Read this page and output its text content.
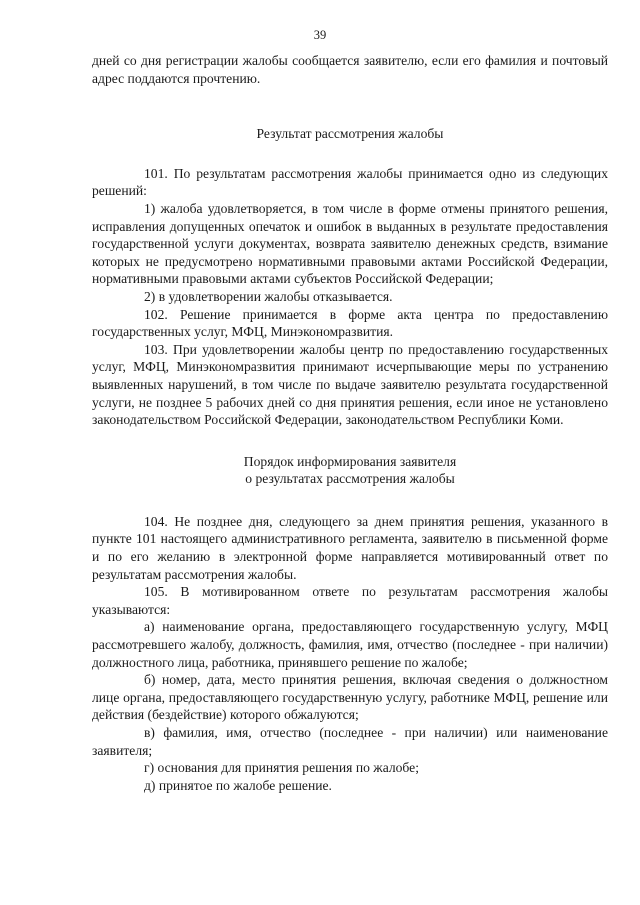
39

дней со дня регистрации жалобы сообщается заявителю, если его фамилия и почтовый адрес поддаются прочтению.

Результат рассмотрения жалобы

101. По результатам рассмотрения жалобы принимается одно из следующих решений:

1) жалоба удовлетворяется, в том числе в форме отмены принятого решения, исправления допущенных опечаток и ошибок в выданных в результате предоставления государственной услуги документах, возврата заявителю денежных средств, взимание которых не предусмотрено нормативными правовыми актами Российской Федерации, нормативными правовыми актами субъектов Российской Федерации;

2) в удовлетворении жалобы отказывается.

102. Решение принимается в форме акта центра по предоставлению государственных услуг, МФЦ, Минэкономразвития.

103. При удовлетворении жалобы центр по предоставлению государственных услуг, МФЦ, Минэкономразвития принимают исчерпывающие меры по устранению выявленных нарушений, в том числе по выдаче заявителю результата государственной услуги, не позднее 5 рабочих дней со дня принятия решения, если иное не установлено законодательством Российской Федерации, законодательством Республики Коми.

Порядок информирования заявителя
о результатах рассмотрения жалобы

104. Не позднее дня, следующего за днем принятия решения, указанного в пункте 101 настоящего административного регламента, заявителю в письменной форме и по его желанию в электронной форме направляется мотивированный ответ по результатам рассмотрения жалобы.

105. В мотивированном ответе по результатам рассмотрения жалобы указываются:

а) наименование органа, предоставляющего государственную услугу, МФЦ рассмотревшего жалобу, должность, фамилия, имя, отчество (последнее - при наличии) должностного лица, работника, принявшего решение по жалобе;

б) номер, дата, место принятия решения, включая сведения о должностном лице органа, предоставляющего государственную услугу, работнике МФЦ, решение или действия (бездействие) которого обжалуются;

в) фамилия, имя, отчество (последнее - при наличии) или наименование заявителя;

г) основания для принятия решения по жалобе;

д) принятое по жалобе решение.
